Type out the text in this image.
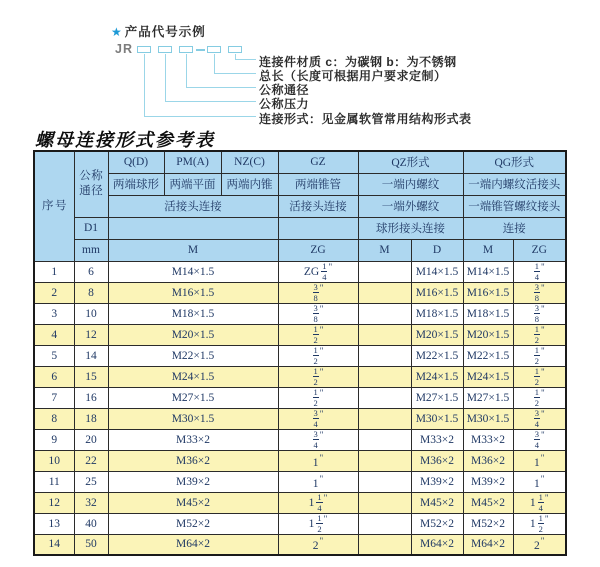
★ 产品代号示例
JR
连接件材质 c：为碳钢 b：为不锈钢
总长（长度可根据用户要求定制）
公称通径
公称压力
连接形式：见金属软管常用结构形式表
螺母连接形式参考表
序 号	公称通径	Q(D)	PM(A)	NZ(C)	GZ	QZ形式		QG形式	
		两端球形	两端平面	两端内锥	两端锥管	一端内螺纹		一端内螺纹活接头	
		活接头连接			活接头连接	一端外螺纹		一端锥管螺纹接头	
	D1					球形接头连接		连接	
	mm	M			ZG	M	D	M	ZG
1	6	M14×1.5			ZG $\frac{1}{4} ^"$		M14×1.5	M14×1.5	$\frac{1}{4} ^"$
2	8	M16×1.5			$\frac{3}{8} ^"$		M16×1.5	M16×1.5	$\frac{3}{8} ^"$
3	10	M18×1.5			$\frac{3}{8} ^"$		M18×1.5	M18×1.5	$\frac{3}{8} ^"$
4	12	M20×1.5			$\frac{1}{2} ^"$		M20×1.5	M20×1.5	$\frac{1}{2} ^"$
5	14	M22×1.5			$\frac{1}{2} ^"$		M22×1.5	M22×1.5	$\frac{1}{2} ^"$
6	15	M24×1.5			$\frac{1}{2} ^"$		M24×1.5	M24×1.5	$\frac{1}{2} ^"$
7	16	M27×1.5			$\frac{1}{2} ^"$		M27×1.5	M27×1.5	$\frac{1}{2} ^"$
8	18	M30×1.5			$\frac{3}{4} ^"$		M30×1.5	M30×1.5	$\frac{3}{4} ^"$
9	20	M33×2			$\frac{3}{4} ^"$		M33×2	M33×2	$\frac{3}{4} ^"$
10	22	M36×2			1"		M36×2	M36×2	1"
11	25	M39×2			1"		M39×2	M39×2	1"
12	32	M45×2			$1 \frac{1}{4} ^"$		M45×2	M45×2	$1 \frac{1}{4} ^"$
13	40	M52×2			$1 \frac{1}{2} ^"$		M52×2	M52×2	$1 \frac{1}{2} ^"$
14	50	M64×2			2"		M64×2	M64×2	2"
